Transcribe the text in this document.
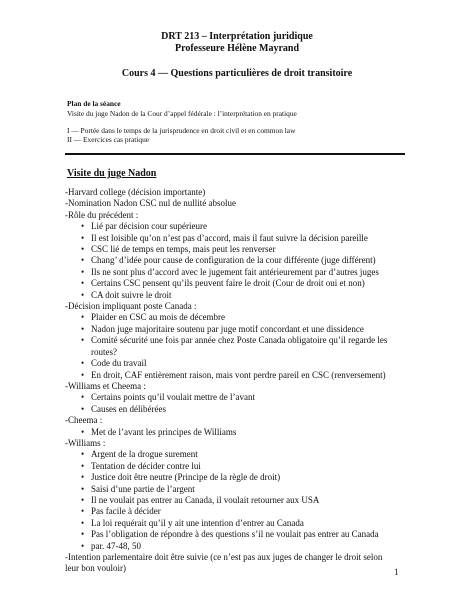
DRT 213 – Interprétation juridique
Professeure Hélène Mayrand
Cours 4 — Questions particulières de droit transitoire
Plan de la séance
Visite du juge Nadon de la Cour d’appel fédérale : l’interprétation en pratique
I — Portée dans le temps de la jurisprudence en droit civil et en common law
II — Exercices cas pratique
Visite du juge Nadon
-Harvard college (décision importante)
-Nomination Nadon CSC nul de nullité absolue
-Rôle du précédent :
• Lié par décision cour supérieure
• Il est loisible qu’on n’est pas d’accord, mais il faut suivre la décision pareille
• CSC lié de temps en temps, mais peut les renverser
• Chang’ d’idée pour cause de configuration de la cour différente (juge différent)
• Ils ne sont plus d’accord avec le jugement fait antérieurement par d’autres juges
• Certains CSC pensent qu’ils peuvent faire le droit (Cour de droit oui et non)
• CA doit suivre le droit
-Décision impliquant poste Canada :
• Plaider en CSC au mois de décembre
• Nadon juge majoritaire soutenu par juge motif concordant et une dissidence
• Comité sécurité une fois par année chez Poste Canada obligatoire qu’il regarde les routes?
• Code du travail
• En droit, CAF entièrement raison, mais vont perdre pareil en CSC (renversement)
-Williams et Cheema :
• Certains points qu’il voulait mettre de l’avant
• Causes en délibérées
-Cheema :
• Met de l’avant les principes de Williams
-Williams :
• Argent de la drogue surement
• Tentation de décider contre lui
• Justice doit être neutre (Principe de la règle de droit)
• Saisi d’une partie de l’argent
• Il ne voulait pas entrer au Canada, il voulait retourner aux USA
• Pas facile à décider
• La loi requérait qu’il y ait une intention d’entrer au Canada
• Pas l’obligation de répondre à des questions s’il ne voulait pas entrer au Canada
• par. 47-48, 50
-Intention parlementaire doit être suivie (ce n’est pas aux juges de changer le droit selon
leur bon vouloir)	1
